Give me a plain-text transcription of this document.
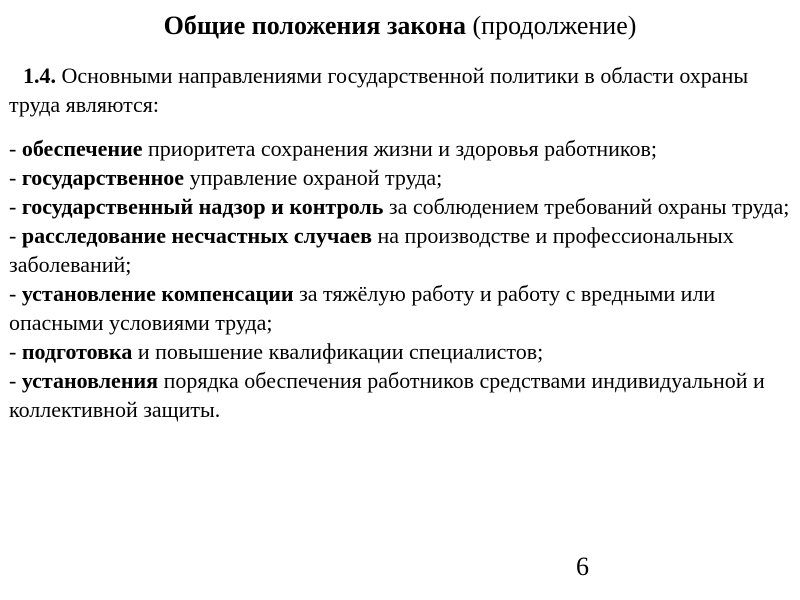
Общие положения закона (продолжение)
1.4. Основными направлениями государственной политики в области охраны труда являются:
- обеспечение приоритета сохранения жизни и здоровья работников;
- государственное управление охраной труда;
- государственный надзор и контроль за соблюдением требований охраны труда;
- расследование несчастных случаев на производстве и профессиональных заболеваний;
- установление компенсации за тяжёлую работу и работу с вредными или опасными условиями труда;
- подготовка и повышение квалификации специалистов;
- установления порядка обеспечения работников средствами индивидуальной и коллективной защиты.
6
